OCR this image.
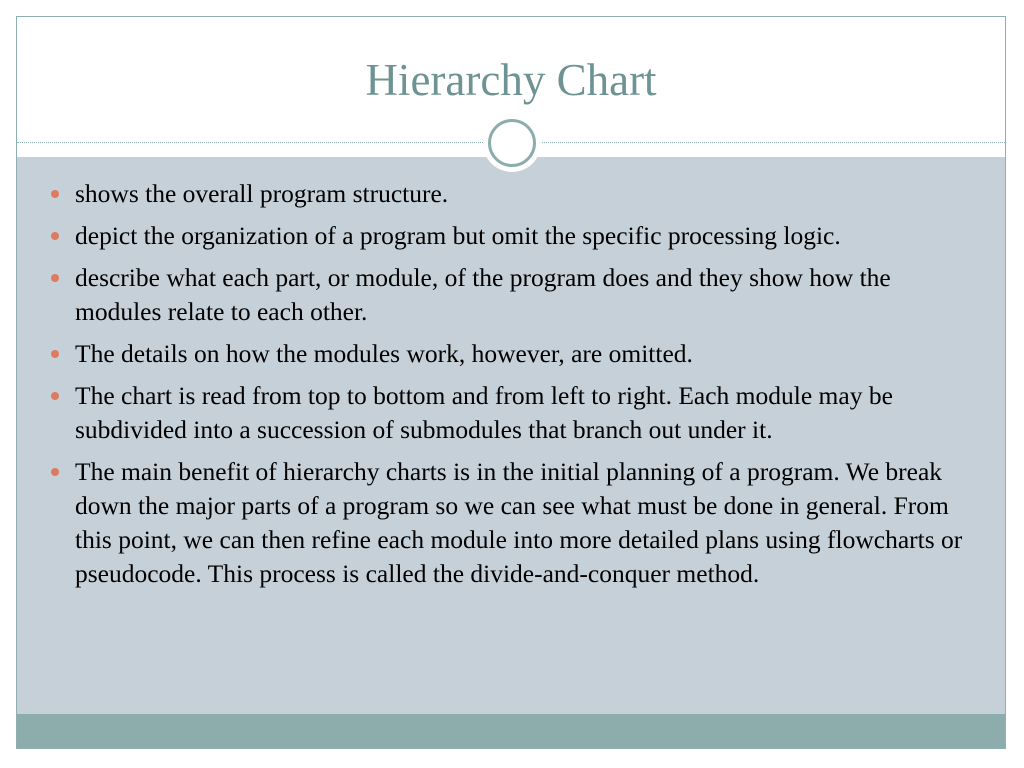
Hierarchy Chart
shows the overall program structure.
depict the organization of a program but omit the specific processing logic.
describe what each part, or module, of the program does and they show how the modules relate to each other.
The details on how the modules work, however, are omitted.
The chart is read from top to bottom and from left to right. Each module may be subdivided into a succession of submodules that branch out under it.
The main benefit of hierarchy charts is in the initial planning of a program. We break down the major parts of a program so we can see what must be done in general. From this point, we can then refine each module into more detailed plans using flowcharts or pseudocode. This process is called the divide-and-conquer method.
